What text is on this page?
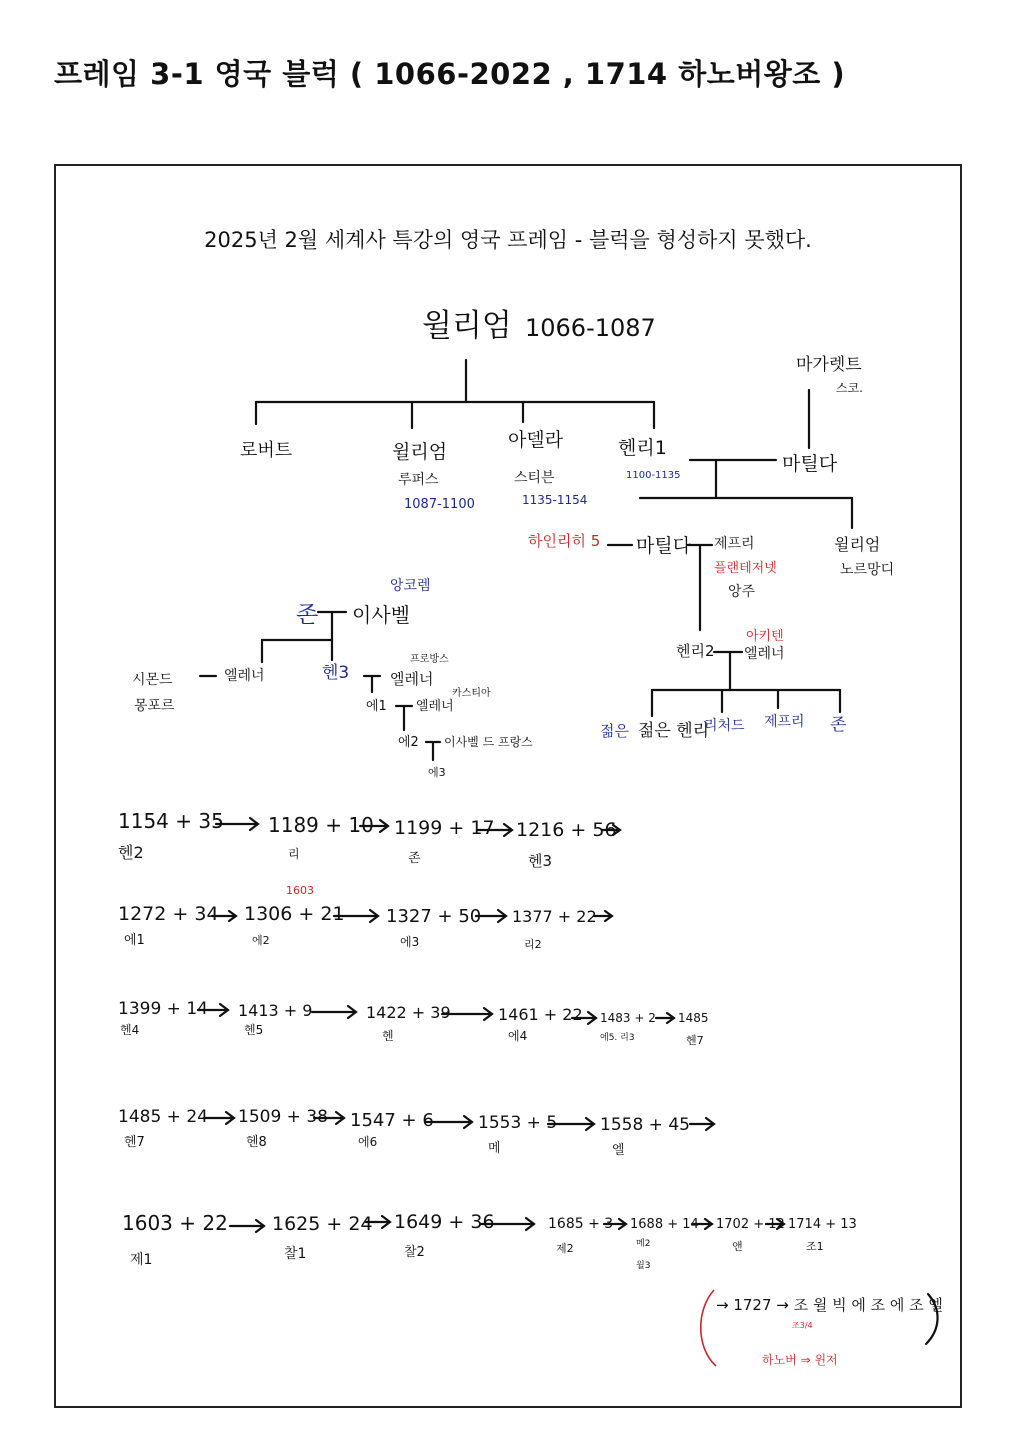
프레임 3-1 영국 블럭 ( 1066-2022 , 1714 하노버왕조 )
2025년 2월 세계사 특강의 영국 프레임 - 블럭을 형성하지 못했다.
윌리엄 1066-1087
마가렛트
스코.
로버트	윌리엄
루퍼스
1087-1100
아델라
스티븐
1135-1154
헨리1
1100-1135
마틸다
하인리히 5 마틸다 제프리
플랜테저넷
앙주
윌리엄
노르망디
헨리2
아키텐
엘레너
젊은 젊은 헨리
리처드 제프리 존
앙코렘
존 이사벨
시몬드
몽포르
엘레너	헨3
프로방스
엘레너
에1
카스티아
엘레너
에2 이사벨 드 프랑스
에3
1154 + 35
헨2
1189 + 10
리
1199 + 17
존
1216 + 56
헨3
1603
1272 + 34
에1
1306 + 21
에2
1327 + 50
에3
1377 + 22
리2
1399 + 14
헨4
1413 + 9
헨5
1422 + 39
헨
1461 + 22
에4
1483 + 2
에5. 리3
1485
헨7
1485 + 24
헨7
1509 + 38
헨8
1547 + 6
에6
1553 + 5
메
1558 + 45
엘
1603 + 22
제1
1625 + 24
찰1
1649 + 36
찰2
1685 + 3
제2
1688 + 14
메2
윌3
1702 + 12
앤
1714 + 13
조1
→ 1727 → 조 윌 빅 에 조 에 조 엘
조3/4
하노버 ⇒ 윈저
